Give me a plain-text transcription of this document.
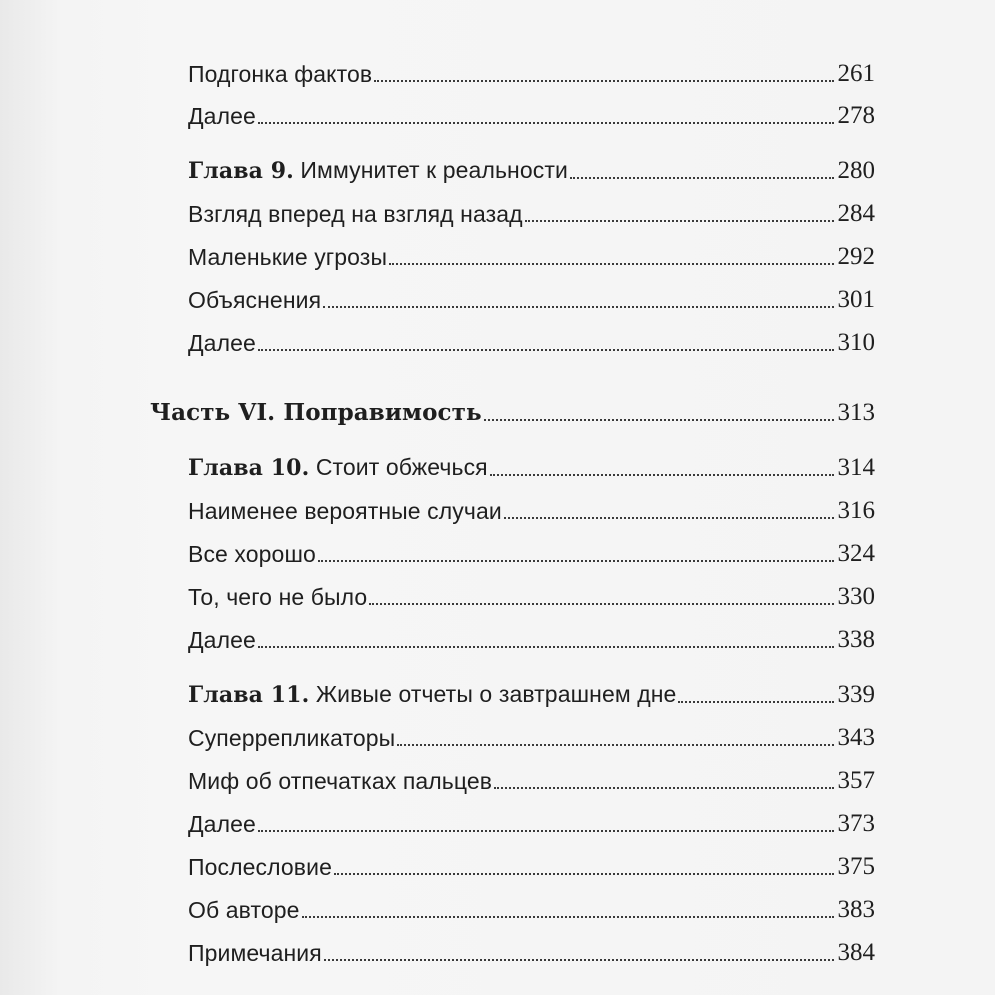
Подгонка фактов	261
Далее	278
Глава 9. Иммунитет к реальности	280
Взгляд вперед на взгляд назад	284
Маленькие угрозы	292
Объяснения	301
Далее	310
Часть VI. Поправимость	313
Глава 10. Стоит обжечься	314
Наименее вероятные случаи	316
Все хорошо	324
То, чего не было	330
Далее	338
Глава 11. Живые отчеты о завтрашнем дне	339
Суперрепликаторы	343
Миф об отпечатках пальцев	357
Далее	373
Послесловие	375
Об авторе	383
Примечания	384
